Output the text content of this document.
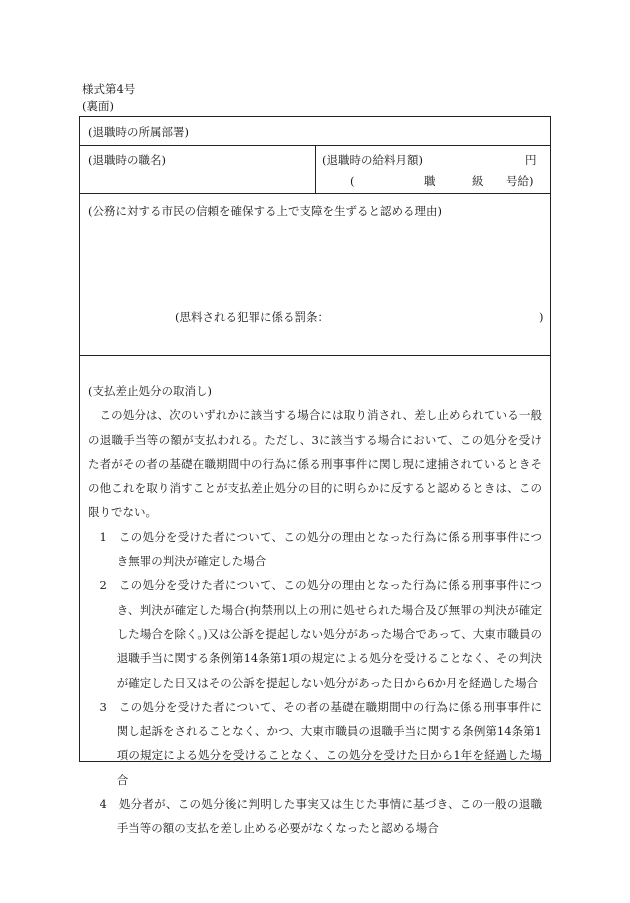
様式第4号
(裏面)
(退職時の所属部署)
(退職時の職名)	(退職時の給料月額)	円
(	職	級 号給)
(公務に対する市民の信頼を確保する上で支障を生ずると認める理由)
(思料される犯罪に係る罰条：	)

(支払差止処分の取消し)

この処分は、次のいずれかに該当する場合には取り消され、差し止められている一般の退職手当等の額が支払われる。ただし、3に該当する場合において、この処分を受けた者がその者の基礎在職期間中の行為に係る刑事事件に関し現に逮捕されているときその他これを取り消すことが支払差止処分の目的に明らかに反すると認めるときは、この限りでない。

1　この処分を受けた者について、この処分の理由となった行為に係る刑事事件につき無罪の判決が確定した場合

2　この処分を受けた者について、この処分の理由となった行為に係る刑事事件につき、判決が確定した場合(拘禁刑以上の刑に処せられた場合及び無罪の判決が確定した場合を除く。)又は公訴を提起しない処分があった場合であって、大東市職員の退職手当に関する条例第14条第1項の規定による処分を受けることなく、その判決が確定した日又はその公訴を提起しない処分があった日から6か月を経過した場合

3　この処分を受けた者について、その者の基礎在職期間中の行為に係る刑事事件に関し起訴をされることなく、かつ、大東市職員の退職手当に関する条例第14条第1項の規定による処分を受けることなく、この処分を受けた日から1年を経過した場合

4　処分者が、この処分後に判明した事実又は生じた事情に基づき、この一般の退職手当等の額の支払を差し止める必要がなくなったと認める場合
